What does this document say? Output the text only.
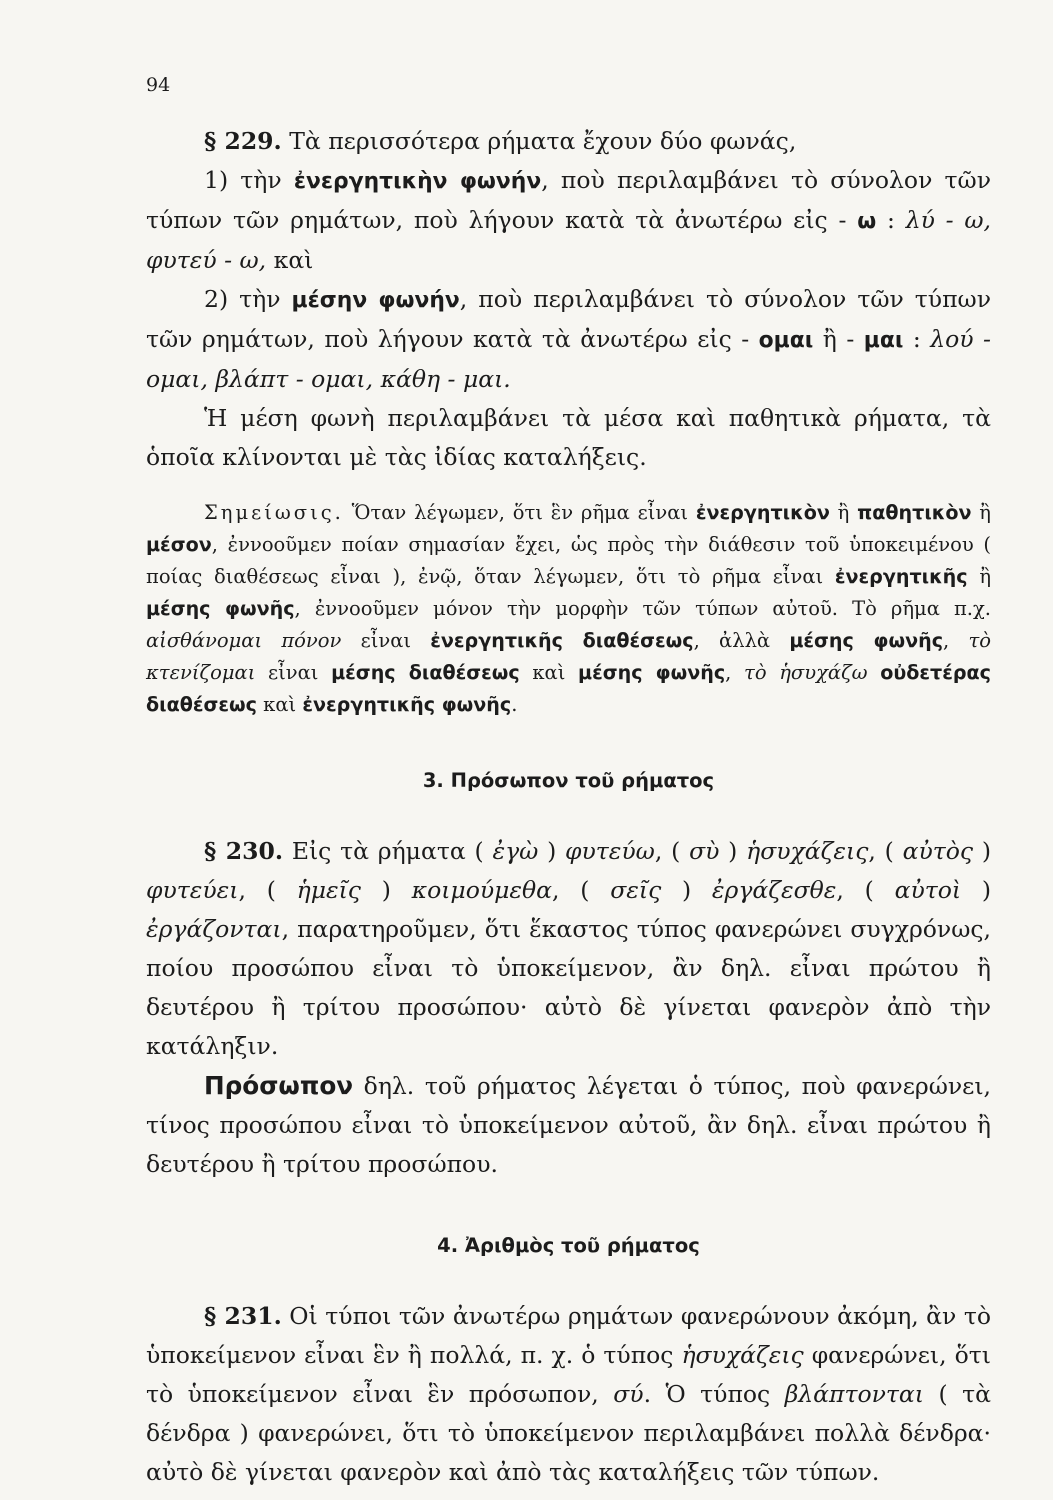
94

§ 229. Τὰ περισσότερα ρήματα ἔχουν δύο φωνάς,

1) τὴν ἐνεργητικὴν φωνήν, ποὺ περιλαμβάνει τὸ σύνολον τῶν τύπων τῶν ρημάτων, ποὺ λήγουν κατὰ τὰ ἀνωτέρω εἰς - ω : λύ - ω, φυτεύ - ω, καὶ

2) τὴν μέσην φωνήν, ποὺ περιλαμβάνει τὸ σύνολον τῶν τύπων τῶν ρημάτων, ποὺ λήγουν κατὰ τὰ ἀνωτέρω εἰς - ομαι ἢ - μαι : λού - ομαι, βλάπτ - ομαι, κάθη - μαι.

Ἡ μέση φωνὴ περιλαμβάνει τὰ μέσα καὶ παθητικὰ ρήματα, τὰ ὁποῖα κλίνονται μὲ τὰς ἰδίας καταλήξεις.

Σημείωσις. Ὅταν λέγωμεν, ὅτι ἓν ρῆμα εἶναι ἐνεργητικὸν ἢ παθητικὸν ἢ μέσον, ἐννοοῦμεν ποίαν σημασίαν ἔχει, ὡς πρὸς τὴν διάθεσιν τοῦ ὑποκειμένου ( ποίας διαθέσεως εἶναι ), ἐνῷ, ὅταν λέγωμεν, ὅτι τὸ ρῆμα εἶναι ἐνεργητικῆς ἢ μέσης φωνῆς, ἐννοοῦμεν μόνον τὴν μορφὴν τῶν τύπων αὐτοῦ. Τὸ ρῆμα π.χ. αἰσθάνομαι πόνον εἶναι ἐνεργητικῆς διαθέσεως, ἀλλὰ μέσης φωνῆς, τὸ κτενίζομαι εἶναι μέσης διαθέσεως καὶ μέσης φωνῆς, τὸ ἡσυχάζω οὐδετέρας διαθέσεως καὶ ἐνεργητικῆς φωνῆς.

3. Πρόσωπον τοῦ ρήματος

§ 230. Εἰς τὰ ρήματα ( ἐγὼ ) φυτεύω, ( σὺ ) ἡσυχάζεις, ( αὐτὸς ) φυτεύει, ( ἡμεῖς ) κοιμούμεθα, ( σεῖς ) ἐργάζεσθε, ( αὐτοὶ ) ἐργάζονται, παρατηροῦμεν, ὅτι ἕκαστος τύπος φανερώνει συγχρόνως, ποίου προσώπου εἶναι τὸ ὑποκείμενον, ἂν δηλ. εἶναι πρώτου ἢ δευτέρου ἢ τρίτου προσώπου· αὐτὸ δὲ γίνεται φανερὸν ἀπὸ τὴν κατάληξιν.

Πρόσωπον δηλ. τοῦ ρήματος λέγεται ὁ τύπος, ποὺ φανερώνει, τίνος προσώπου εἶναι τὸ ὑποκείμενον αὐτοῦ, ἂν δηλ. εἶναι πρώτου ἢ δευτέρου ἢ τρίτου προσώπου.

4. Ἀριθμὸς τοῦ ρήματος

§ 231. Οἱ τύποι τῶν ἀνωτέρω ρημάτων φανερώνουν ἀκόμη, ἂν τὸ ὑποκείμενον εἶναι ἓν ἢ πολλά, π. χ. ὁ τύπος ἡσυχάζεις φανερώνει, ὅτι τὸ ὑποκείμενον εἶναι ἓν πρόσωπον, σύ. Ὁ τύπος βλάπτονται ( τὰ δένδρα ) φανερώνει, ὅτι τὸ ὑποκείμενον περιλαμβάνει πολλὰ δένδρα· αὐτὸ δὲ γίνεται φανερὸν καὶ ἀπὸ τὰς καταλήξεις τῶν τύπων.
